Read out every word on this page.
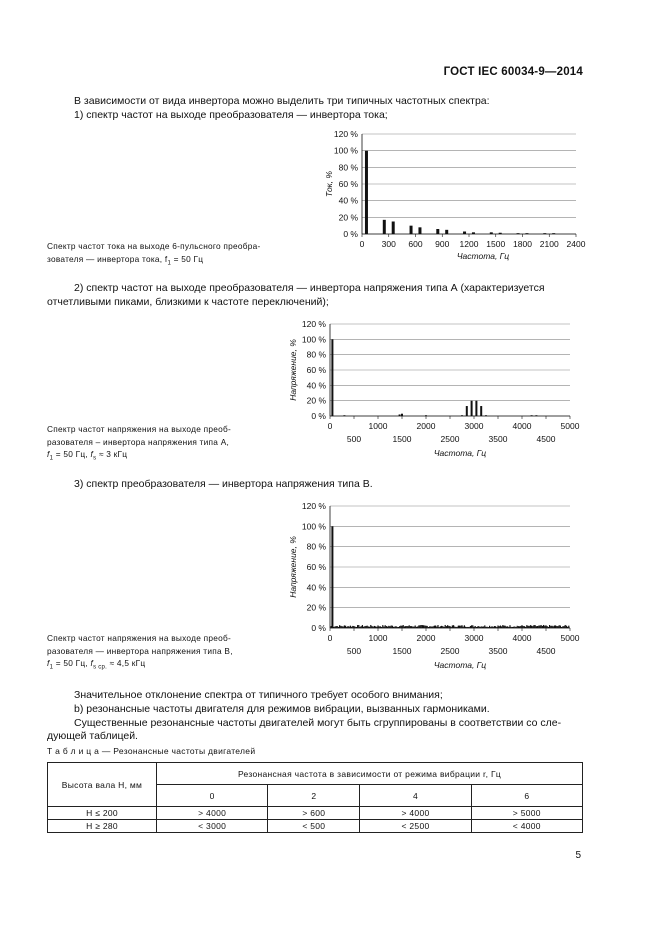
ГОСТ IEC 60034-9—2014
В зависимости от вида инвертора можно выделить три типичных частотных спектра:
1) спектр частот на выходе преобразователя — инвертора тока;
0 %
20 %
40 %
60 %
80 %
100 %
120 %
0 300 600 900 1200 1500 1800 2100 2400
Частота, Гц
Ток, %
Спектр частот тока на выходе 6-пульсного преобра-
зователя — инвертора тока, $f_1 = 50$ Гц
2) спектр частот на выходе преобразователя — инвертора напряжения типа А (характеризуется
отчетливыми пиками, близкими к частоте переключений);
0 %
20 %
40 %
60 %
80 %
100 %
120 %
0	1000	2000	3000	4000	5000
500	1500	2500	3500	4500
Частота, Гц
Напряжение, %
Спектр частот напряжения на выходе преоб-
разователя – инвертора напряжения типа А,
$f_1 = 50$ Гц, $f_s \approx 3$ кГц
3) спектр преобразователя — инвертора напряжения типа В.
0 %
20 %
40 %
60 %
80 %
100 %
120 %
0	1000	2000	3000	4000	5000
500	1500	2500	3500	4500
Частота, Гц
Напряжение, %
Спектр частот напряжения на выходе преоб-
разователя — инвертора напряжения типа В,
$f_1 = 50$ Гц, $f_{s ср.} \approx 4,5$ кГц
Значительное отклонение спектра от типичного требует особого внимания;
b) резонансные частоты двигателя для режимов вибрации, вызванных гармониками.
Существенные резонансные частоты двигателей могут быть сгруппированы в соответствии со сле-
дующей таблицей.
Т а б л и ц а — Резонансные частоты двигателей
Высота вала H, мм	Резонансная частота в зависимости от режима вибрации r, Гц			
	0	2	4	6
H ≤ 200	> 4000	> 600	> 4000	> 5000
H ≥ 280	< 3000	< 500	< 2500	< 4000
5
